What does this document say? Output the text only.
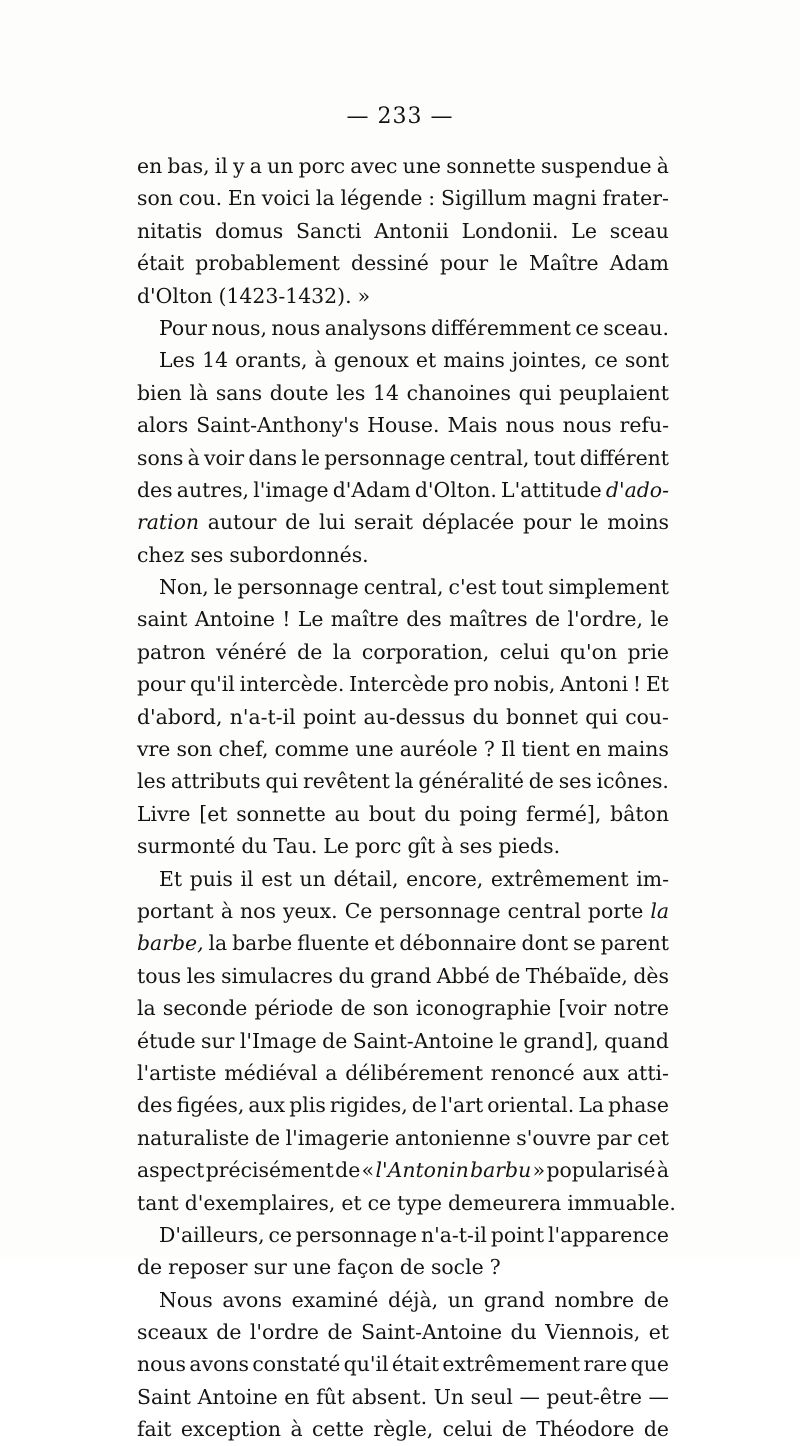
— 233 —
en bas, il y a un porc avec une sonnette suspendue à
son cou. En voici la légende : Sigillum magni frater-
nitatis domus Sancti Antonii Londonii. Le sceau
était probablement dessiné pour le Maître Adam
d'Olton (1423-1432). »
Pour nous, nous analysons différemment ce sceau.
Les 14 orants, à genoux et mains jointes, ce sont
bien là sans doute les 14 chanoines qui peuplaient
alors Saint-Anthony's House. Mais nous nous refu-
sons à voir dans le personnage central, tout différent
des autres, l'image d'Adam d'Olton. L'attitude d'ado-
ration autour de lui serait déplacée pour le moins
chez ses subordonnés.
Non, le personnage central, c'est tout simplement
saint Antoine ! Le maître des maîtres de l'ordre, le
patron vénéré de la corporation, celui qu'on prie
pour qu'il intercède. Intercède pro nobis, Antoni ! Et
d'abord, n'a-t-il point au-dessus du bonnet qui cou-
vre son chef, comme une auréole ? Il tient en mains
les attributs qui revêtent la généralité de ses icônes.
Livre [et sonnette au bout du poing fermé], bâton
surmonté du Tau. Le porc gît à ses pieds.
Et puis il est un détail, encore, extrêmement im-
portant à nos yeux. Ce personnage central porte la
barbe, la barbe fluente et débonnaire dont se parent
tous les simulacres du grand Abbé de Thébaïde, dès
la seconde période de son iconographie [voir notre
étude sur l'Image de Saint-Antoine le grand], quand
l'artiste médiéval a délibérement renoncé aux atti-
des figées, aux plis rigides, de l'art oriental. La phase
naturaliste de l'imagerie antonienne s'ouvre par cet
aspect précisément de « l'Antonin barbu » popularisé à
tant d'exemplaires, et ce type demeurera immuable.
D'ailleurs, ce personnage n'a-t-il point l'apparence
de reposer sur une façon de socle ?
Nous avons examiné déjà, un grand nombre de
sceaux de l'ordre de Saint-Antoine du Viennois, et
nous avons constaté qu'il était extrêmement rare que
Saint Antoine en fût absent. Un seul — peut-être —
fait exception à cette règle, celui de Théodore de
